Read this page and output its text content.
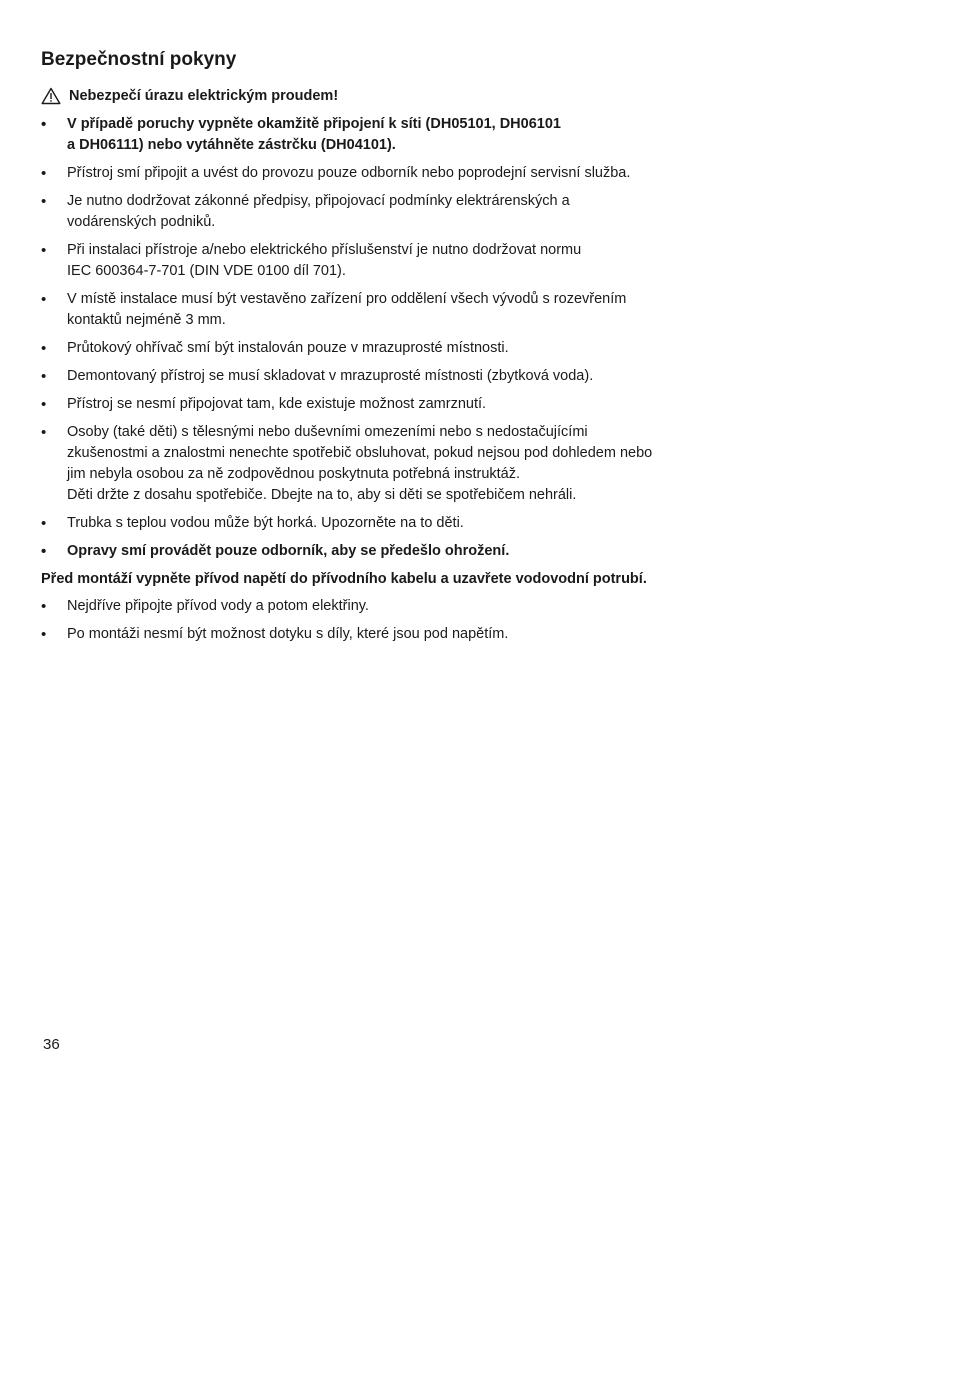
Bezpečnostní pokyny
Nebezpečí úrazu elektrickým proudem!
• V případě poruchy vypněte okamžitě připojení k síti (DH05101, DH06101
a DH06111) nebo vytáhněte zástrčku (DH04101).
• Přístroj smí připojit a uvést do provozu pouze odborník nebo poprodejní servisní služba.
• Je nutno dodržovat zákonné předpisy, připojovací podmínky elektrárenských a
vodárenských podniků.
• Při instalaci přístroje a/nebo elektrického příslušenství je nutno dodržovat normu
IEC 600364-7-701 (DIN VDE 0100 díl 701).
• V místě instalace musí být vestavěno zařízení pro oddělení všech vývodů s rozevřením
kontaktů nejméně 3 mm.
• Průtokový ohřívač smí být instalován pouze v mrazuprosté místnosti.
• Demontovaný přístroj se musí skladovat v mrazuprosté místnosti (zbytková voda).
• Přístroj se nesmí připojovat tam, kde existuje možnost zamrznutí.
• Osoby (také děti) s tělesnými nebo duševními omezeními nebo s nedostačujícími
zkušenostmi a znalostmi nenechte spotřebič obsluhovat, pokud nejsou pod dohledem nebo
jim nebyla osobou za ně zodpovědnou poskytnuta potřebná instruktáž.
Děti držte z dosahu spotřebiče. Dbejte na to, aby si děti se spotřebičem nehráli.
• Trubka s teplou vodou může být horká. Upozorněte na to děti.
• Opravy smí provádět pouze odborník, aby se předešlo ohrožení.

Před montáží vypněte přívod napětí do přívodního kabelu a uzavřete vodovodní potrubí.

• Nejdříve připojte přívod vody a potom elektřiny.
• Po montáži nesmí být možnost dotyku s díly, které jsou pod napětím.
36
